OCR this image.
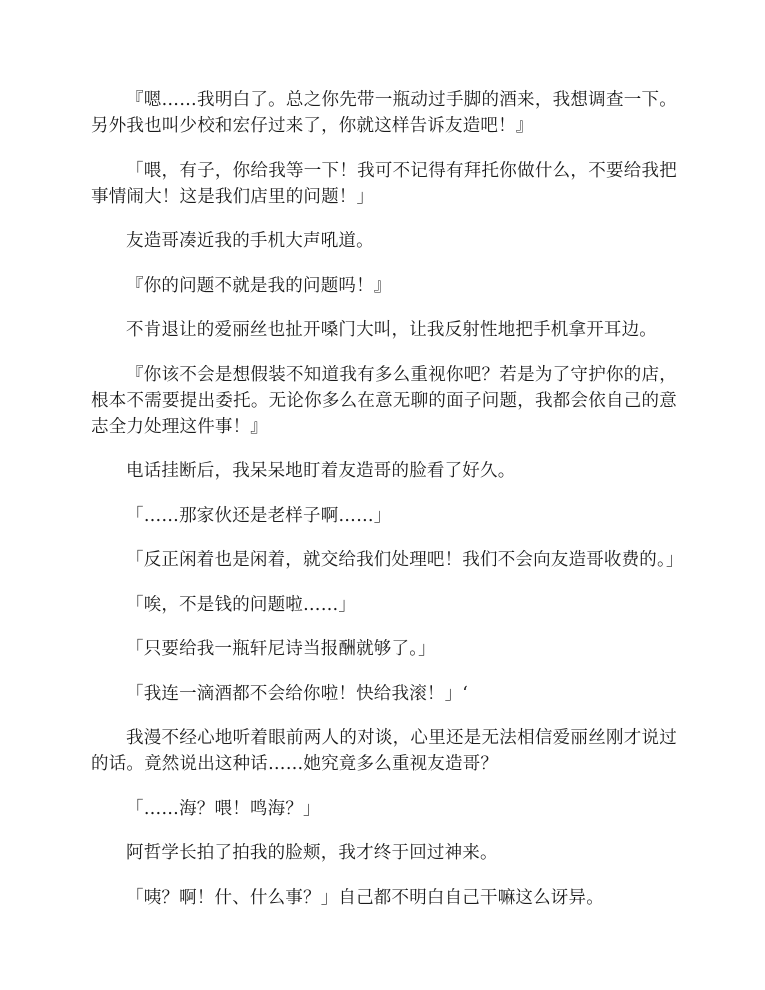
『嗯……我明白了。总之你先带一瓶动过手脚的酒来，我想调查一下。另外我也叫少校和宏仔过来了，你就这样告诉友造吧！』

「喂，有子，你给我等一下！我可不记得有拜托你做什么，不要给我把事情闹大！这是我们店里的问题！」

友造哥凑近我的手机大声吼道。

『你的问题不就是我的问题吗！』

不肯退让的爱丽丝也扯开嗓门大叫，让我反射性地把手机拿开耳边。

『你该不会是想假装不知道我有多么重视你吧？若是为了守护你的店，根本不需要提出委托。无论你多么在意无聊的面子问题，我都会依自己的意志全力处理这件事！』

电话挂断后，我呆呆地盯着友造哥的脸看了好久。

「……那家伙还是老样子啊……」

「反正闲着也是闲着，就交给我们处理吧！我们不会向友造哥收费的。」

「唉，不是钱的问题啦……」

「只要给我一瓶轩尼诗当报酬就够了。」

「我连一滴酒都不会给你啦！快给我滚！」‘

我漫不经心地听着眼前两人的对谈，心里还是无法相信爱丽丝刚才说过的话。竟然说出这种话……她究竟多么重视友造哥？

「……海？喂！鸣海？」

阿哲学长拍了拍我的脸颊，我才终于回过神来。

「咦？啊！什、什么事？」自己都不明白自己干嘛这么讶异。
